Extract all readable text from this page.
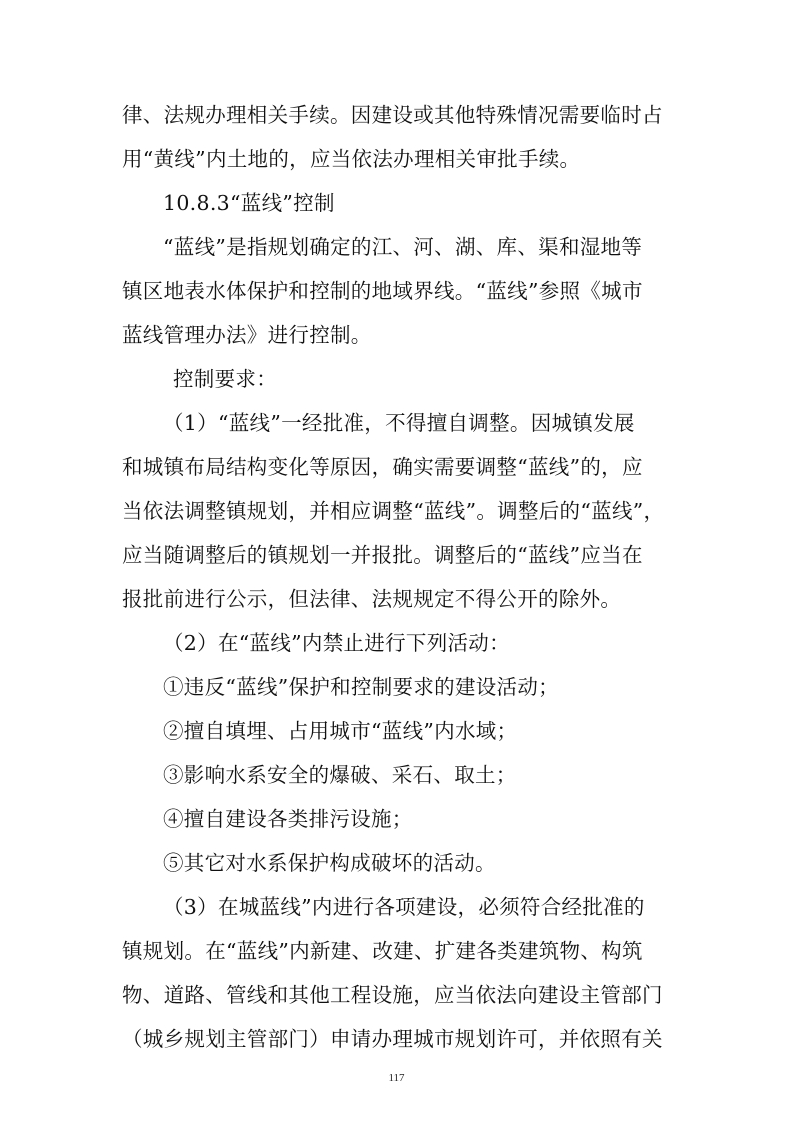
律、法规办理相关手续。因建设或其他特殊情况需要临时占
用“黄线”内土地的，应当依法办理相关审批手续。
10.8.3“蓝线”控制
“蓝线”是指规划确定的江、河、湖、库、渠和湿地等
镇区地表水体保护和控制的地域界线。“蓝线”参照《城市
蓝线管理办法》进行控制。
控制要求：
（1）“蓝线”一经批准，不得擅自调整。因城镇发展
和城镇布局结构变化等原因，确实需要调整“蓝线”的，应
当依法调整镇规划，并相应调整“蓝线”。调整后的“蓝线”，
应当随调整后的镇规划一并报批。调整后的“蓝线”应当在
报批前进行公示，但法律、法规规定不得公开的除外。
（2）在“蓝线”内禁止进行下列活动：
①违反“蓝线”保护和控制要求的建设活动；
②擅自填埋、占用城市“蓝线”内水域；
③影响水系安全的爆破、采石、取土；
④擅自建设各类排污设施；
⑤其它对水系保护构成破坏的活动。
（3）在城蓝线”内进行各项建设，必须符合经批准的
镇规划。在“蓝线”内新建、改建、扩建各类建筑物、构筑
物、道路、管线和其他工程设施，应当依法向建设主管部门
（城乡规划主管部门）申请办理城市规划许可，并依照有关
117
